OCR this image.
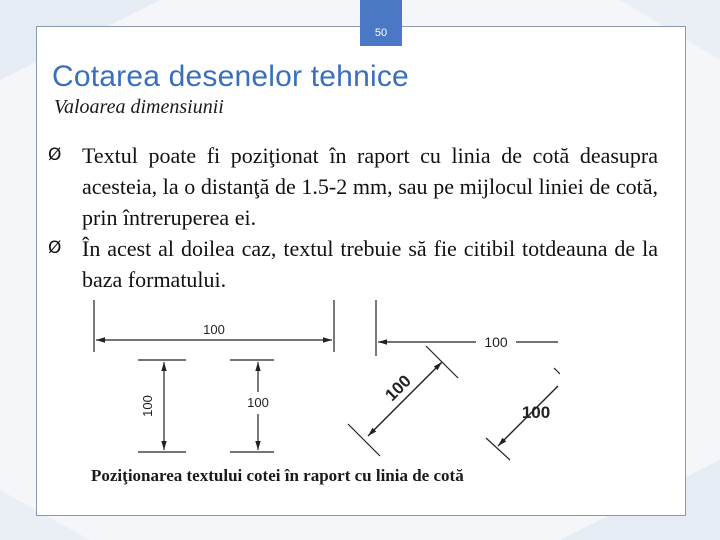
50
Cotarea desenelor tehnice
Valoarea dimensiunii
Ø Textul poate fi poziţionat în raport cu linia de cotă deasupra acesteia, la o distanţă de 1.5-2 mm, sau pe mijlocul liniei de cotă, prin întreruperea ei.
Ø În acest al doilea caz, textul trebuie să fie citibil totdeauna de la baza formatului.
100
100	100
100
100
100
Poziţionarea textului cotei în raport cu linia de cotă
